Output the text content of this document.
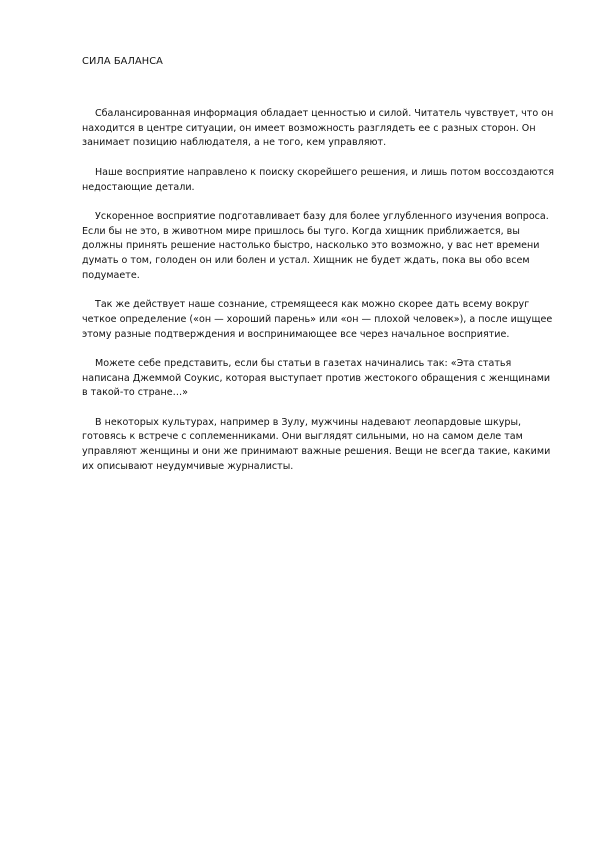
СИЛА БАЛАНСА

Сбалансированная информация обладает ценностью и силой. Читатель чувствует, что он находится в центре ситуации, он имеет возможность разглядеть ее с разных сторон. Он занимает позицию наблюдателя, а не того, кем управляют.

Наше восприятие направлено к поиску скорейшего решения, и лишь потом воссоздаются недостающие детали.

Ускоренное восприятие подготавливает базу для более углубленного изучения вопроса. Если бы не это, в животном мире пришлось бы туго. Когда хищник приближается, вы должны принять решение настолько быстро, насколько это возможно, у вас нет времени думать о том, голоден он или болен и устал. Хищник не будет ждать, пока вы обо всем подумаете.

Так же действует наше сознание, стремящееся как можно скорее дать всему вокруг четкое определение («он — хороший парень» или «он — плохой человек»), а после ищущее этому разные подтверждения и воспринимающее все через начальное восприятие.

Можете себе представить, если бы статьи в газетах начинались так: «Эта статья написана Джеммой Соукис, которая выступает против жестокого обращения с женщинами в такой-то стране…»

В некоторых культурах, например в Зулу, мужчины надевают леопардовые шкуры, готовясь к встрече с соплеменниками. Они выглядят сильными, но на самом деле там управляют женщины и они же принимают важные решения. Вещи не всегда такие, какими их описывают неудумчивые журналисты.
